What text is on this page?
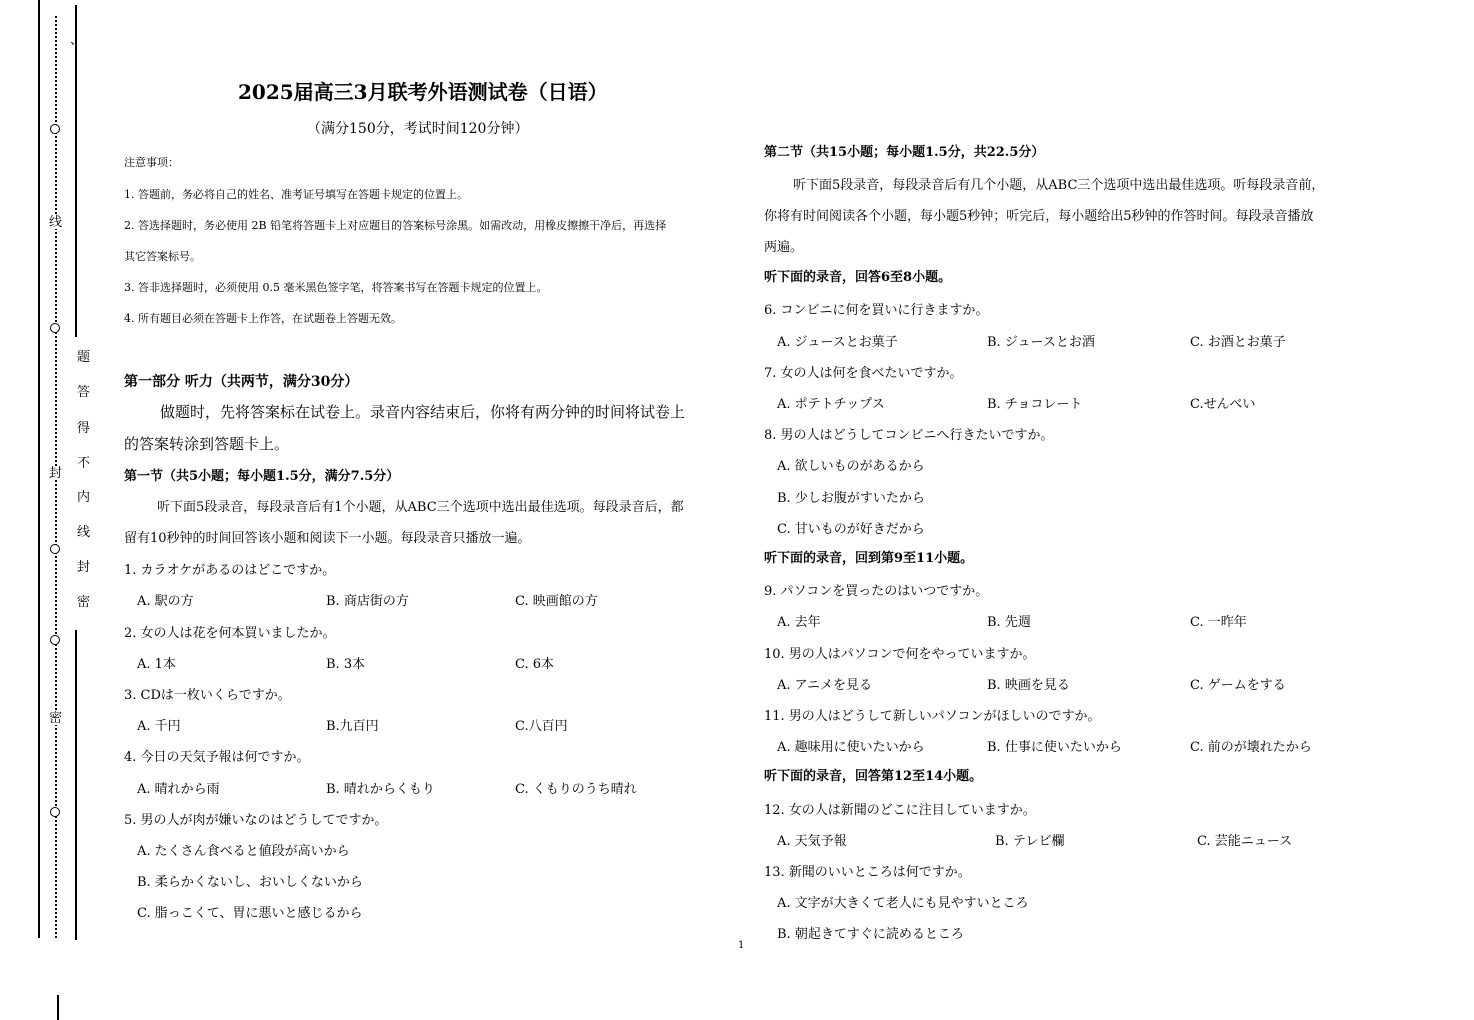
、
线
封
密
题
答
得
不
内
线
封
密
2025届高三3月联考外语测试卷（日语）
（满分150分，考试时间120分钟）
注意事项：
1. 答题前，务必将自己的姓名、准考证号填写在答题卡规定的位置上。
2. 答选择题时，务必使用 2B 铅笔将答题卡上对应题目的答案标号涂黑。如需改动，用橡皮擦擦干净后，再选择
其它答案标号。
3. 答非选择题时，必须使用 0.5 毫米黑色签字笔，将答案书写在答题卡规定的位置上。
4. 所有题目必须在答题卡上作答，在试题卷上答题无效。
第一部分 听力（共两节，满分30分）
做题时，先将答案标在试卷上。录音内容结束后，你将有两分钟的时间将试卷上
的答案转涂到答题卡上。
第一节（共5小题；每小题1.5分，满分7.5分）
听下面5段录音，每段录音后有1个小题，从ABC三个选项中选出最佳选项。每段录音后，都
留有10秒钟的时间回答该小题和阅读下一小题。每段录音只播放一遍。
1. カラオケがあるのはどこですか。
A. 駅の方	B. 商店街の方	C. 映画館の方
2. 女の人は花を何本買いましたか。
A. 1本	B. 3本	C. 6本
3. CDは一枚いくらですか。
A. 千円	B.九百円	C.八百円
4. 今日の天気予報は何ですか。
A. 晴れから雨	B. 晴れからくもり	C. くもりのうち晴れ
5. 男の人が肉が嫌いなのはどうしてですか。
A. たくさん食べると値段が高いから
B. 柔らかくないし、おいしくないから
C. 脂っこくて、胃に悪いと感じるから
第二节（共15小题；每小题1.5分，共22.5分）
听下面5段录音，每段录音后有几个小题，从ABC三个选项中选出最佳选项。听每段录音前，
你将有时间阅读各个小题，每小题5秒钟；听完后，每小题给出5秒钟的作答时间。每段录音播放
两遍。
听下面的录音，回答6至8小题。
6. コンビニに何を買いに行きますか。
A. ジュースとお菓子	B. ジュースとお酒	C. お酒とお菓子
7. 女の人は何を食べたいですか。
A. ポテトチップス	B. チョコレート	C.せんべい
8. 男の人はどうしてコンビニへ行きたいですか。
A. 欲しいものがあるから
B. 少しお腹がすいたから
C. 甘いものが好きだから
听下面的录音，回到第9至11小题。
9. パソコンを買ったのはいつですか。
A. 去年	B. 先週	C. 一昨年
10. 男の人はパソコンで何をやっていますか。
A. アニメを見る	B. 映画を見る	C. ゲームをする
11. 男の人はどうして新しいパソコンがほしいのですか。
A. 趣味用に使いたいから	B. 仕事に使いたいから	C. 前のが壊れたから
听下面的录音，回答第12至14小题。
12. 女の人は新聞のどこに注目していますか。
A. 天気予報	B. テレビ欄	C. 芸能ニュース
13. 新聞のいいところは何ですか。
A. 文字が大きくて老人にも見やすいところ
B. 朝起きてすぐに読めるところ
1
